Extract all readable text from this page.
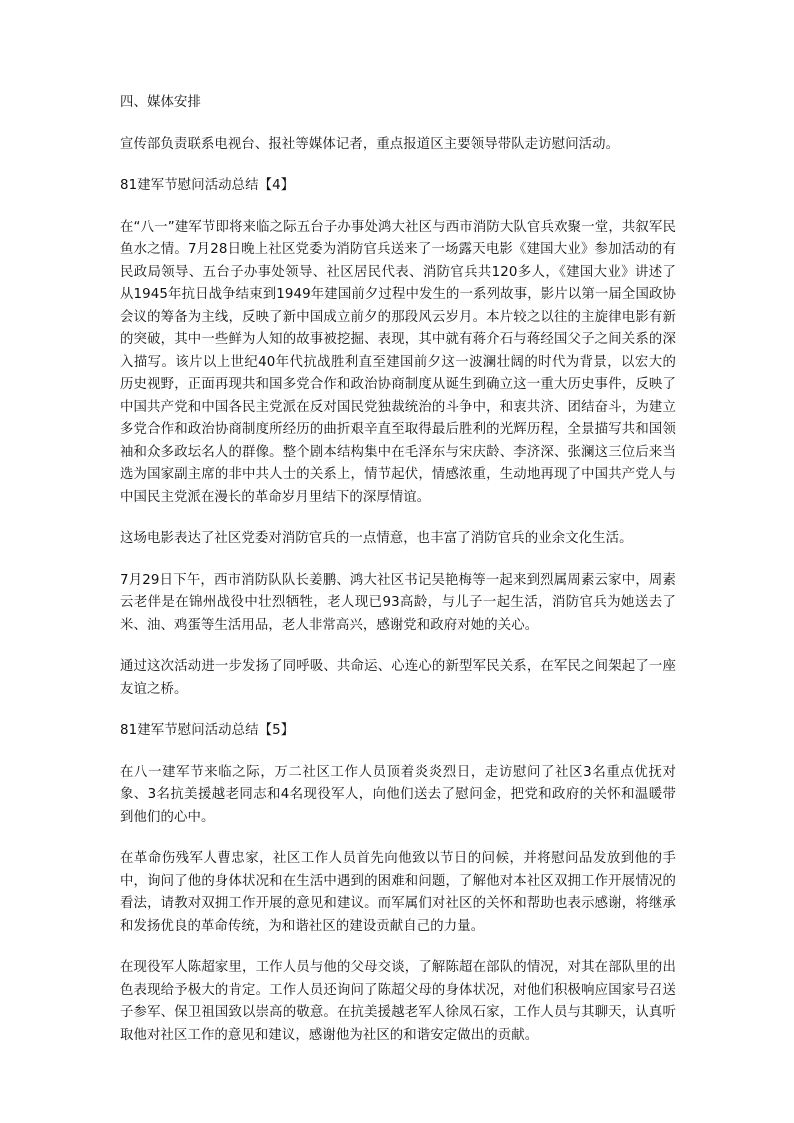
四、媒体安排

宣传部负责联系电视台、报社等媒体记者，重点报道区主要领导带队走访慰问活动。

81建军节慰问活动总结【4】

在“八一”建军节即将来临之际五台子办事处鸿大社区与西市消防大队官兵欢聚一堂，共叙军民鱼水之情。7月28日晚上社区党委为消防官兵送来了一场露天电影《建国大业》参加活动的有民政局领导、五台子办事处领导、社区居民代表、消防官兵共120多人，《建国大业》讲述了从1945年抗日战争结束到1949年建国前夕过程中发生的一系列故事，影片以第一届全国政协会议的筹备为主线，反映了新中国成立前夕的那段风云岁月。本片较之以往的主旋律电影有新的突破，其中一些鲜为人知的故事被挖掘、表现，其中就有蒋介石与蒋经国父子之间关系的深入描写。该片以上世纪40年代抗战胜利直至建国前夕这一波澜壮阔的时代为背景，以宏大的历史视野，正面再现共和国多党合作和政治协商制度从诞生到确立这一重大历史事件，反映了中国共产党和中国各民主党派在反对国民党独裁统治的斗争中，和衷共济、团结奋斗，为建立多党合作和政治协商制度所经历的曲折艰辛直至取得最后胜利的光辉历程，全景描写共和国领袖和众多政坛名人的群像。整个剧本结构集中在毛泽东与宋庆龄、李济深、张澜这三位后来当选为国家副主席的非中共人士的关系上，情节起伏，情感浓重，生动地再现了中国共产党人与中国民主党派在漫长的革命岁月里结下的深厚情谊。

这场电影表达了社区党委对消防官兵的一点情意，也丰富了消防官兵的业余文化生活。

7月29日下午，西市消防队队长姜鹏、鸿大社区书记吴艳梅等一起来到烈属周素云家中，周素云老伴是在锦州战役中壮烈牺牲，老人现已93高龄，与儿子一起生活，消防官兵为她送去了米、油、鸡蛋等生活用品，老人非常高兴，感谢党和政府对她的关心。

通过这次活动进一步发扬了同呼吸、共命运、心连心的新型军民关系，在军民之间架起了一座友谊之桥。

81建军节慰问活动总结【5】

在八一建军节来临之际，万二社区工作人员顶着炎炎烈日，走访慰问了社区3名重点优抚对象、3名抗美援越老同志和4名现役军人，向他们送去了慰问金，把党和政府的关怀和温暖带到他们的心中。

在革命伤残军人曹忠家，社区工作人员首先向他致以节日的问候，并将慰问品发放到他的手中，询问了他的身体状况和在生活中遇到的困难和问题，了解他对本社区双拥工作开展情况的看法，请教对双拥工作开展的意见和建议。而军属们对社区的关怀和帮助也表示感谢，将继承和发扬优良的革命传统，为和谐社区的建设贡献自己的力量。

在现役军人陈超家里，工作人员与他的父母交谈，了解陈超在部队的情况，对其在部队里的出色表现给予极大的肯定。工作人员还询问了陈超父母的身体状况，对他们积极响应国家号召送子参军、保卫祖国致以崇高的敬意。在抗美援越老军人徐凤石家，工作人员与其聊天，认真听取他对社区工作的意见和建议，感谢他为社区的和谐安定做出的贡献。
